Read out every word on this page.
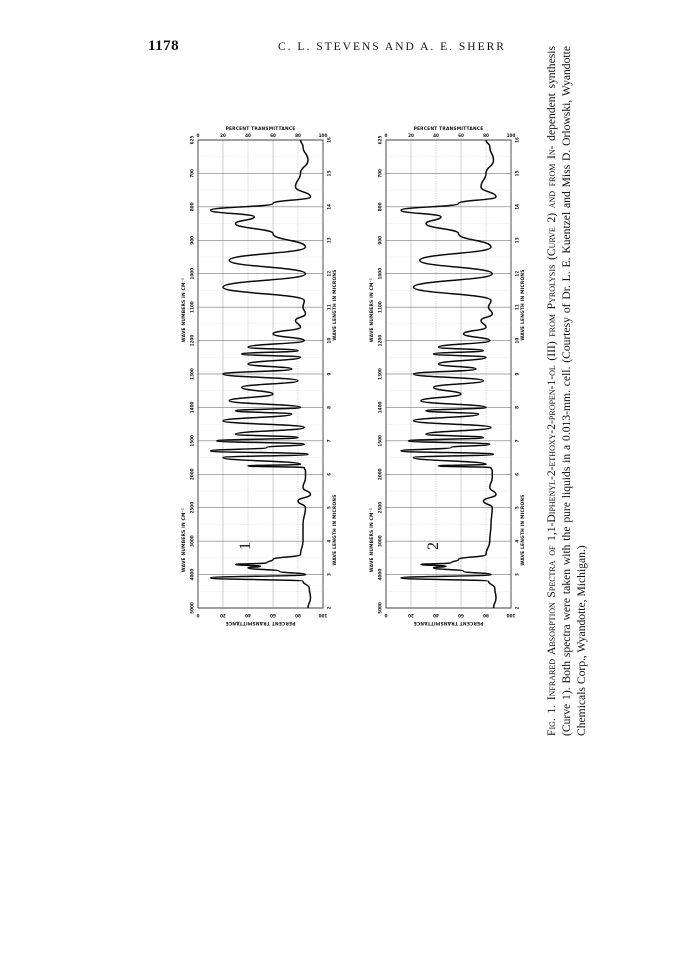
1178	C. L. STEVENS AND A. E. SHERR
100
100
80
80
60
60
40
40
20
20
0
0
2
3
4
5
6
7
8
9
10
11
12
13
14
15
16
5000
4000
3000
2500
2000
1500
1400
1300
1200
1100
1000
900
800
700
625
WAVE NUMBERS IN CM⁻¹
WAVE NUMBERS IN CM⁻¹
WAVE LENGTH IN MICRONS
WAVE LENGTH IN MICRONS
PERCENT TRANSMITTANCE
PERCENT TRANSMITTANCE
1
100
100
80
80
60
60
40
40
20
20
0
0
2
3
4
5
6
7
8
9
10
11
12
13
14
15
16
5000
4000
3000
2500
2000
1500
1400
1300
1200
1100
1000
900
800
700
625
WAVE NUMBERS IN CM⁻¹
WAVE NUMBERS IN CM⁻¹
WAVE LENGTH IN MICRONS
WAVE LENGTH IN MICRONS
PERCENT TRANSMITTANCE
PERCENT TRANSMITTANCE
2
Fig. 1. Infrared Absorption Spectra of 1,1-Diphenyl-2-ethoxy-2-propen-1-ol (III) from Pyrolysis (Curve 2) and from In- dependent synthesis (Curve 1). Both spectra were taken with the pure liquids in a 0.013-mm. cell. (Courtesy of Dr. L. E. Kuentzel and Miss D. Orlowski, Wyandotte Chemicals Corp., Wyandotte, Michigan.)
